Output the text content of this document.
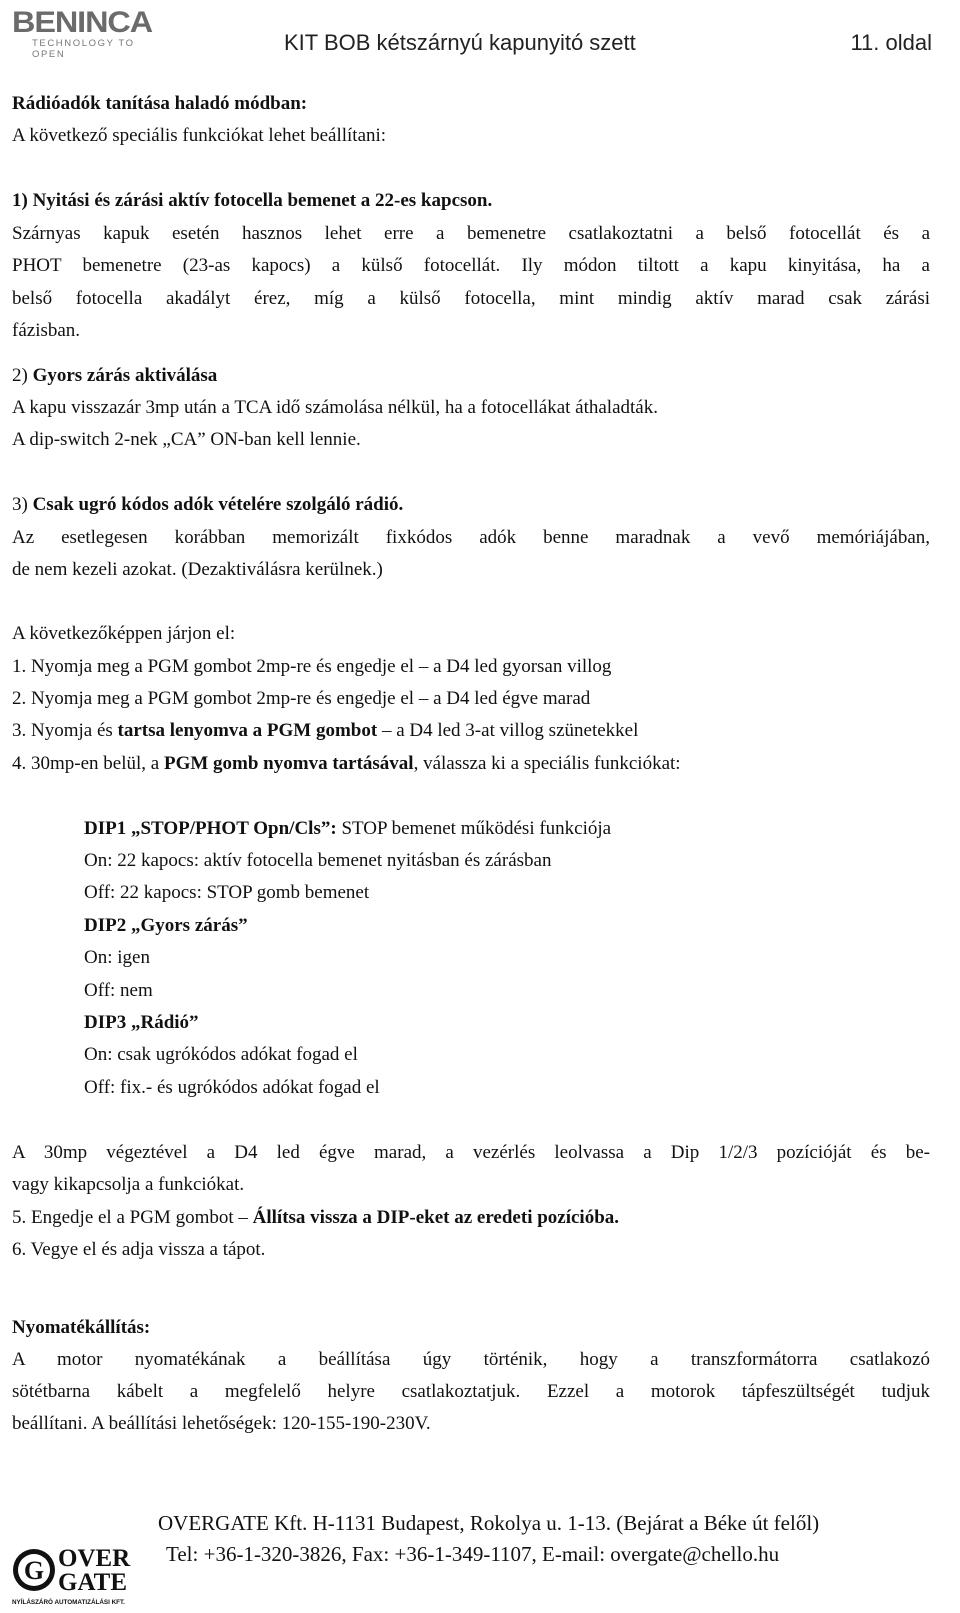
BENINCA
TECHNOLOGY TO OPEN	KIT BOB kétszárnyú kapunyitó szett	11. oldal
Rádióadók tanítása haladó módban:
A következő speciális funkciókat lehet beállítani:
1) Nyitási és zárási aktív fotocella bemenet a 22-es kapcson.
Szárnyas kapuk esetén hasznos lehet erre a bemenetre csatlakoztatni a belső fotocellát és a
PHOT bemenetre (23-as kapocs) a külső fotocellát. Ily módon tiltott a kapu kinyitása, ha a
belső fotocella akadályt érez, míg a külső fotocella, mint mindig aktív marad csak zárási
fázisban.
2) Gyors zárás aktiválása
A kapu visszazár 3mp után a TCA idő számolása nélkül, ha a fotocellákat áthaladták.
A dip-switch 2-nek „CA” ON-ban kell lennie.
3) Csak ugró kódos adók vételére szolgáló rádió.
Az esetlegesen korábban memorizált fixkódos adók benne maradnak a vevő memóriájában,
de nem kezeli azokat. (Dezaktiválásra kerülnek.)
A következőképpen járjon el:
1. Nyomja meg a PGM gombot 2mp-re és engedje el – a D4 led gyorsan villog
2. Nyomja meg a PGM gombot 2mp-re és engedje el – a D4 led égve marad
3. Nyomja és tartsa lenyomva a PGM gombot – a D4 led 3-at villog szünetekkel
4. 30mp-en belül, a PGM gomb nyomva tartásával, válassza ki a speciális funkciókat:
DIP1 „STOP/PHOT Opn/Cls”: STOP bemenet működési funkciója
On: 22 kapocs: aktív fotocella bemenet nyitásban és zárásban
Off: 22 kapocs: STOP gomb bemenet
DIP2 „Gyors zárás”
On: igen
Off: nem
DIP3 „Rádió”
On: csak ugrókódos adókat fogad el
Off: fix.- és ugrókódos adókat fogad el
A 30mp végeztével a D4 led égve marad, a vezérlés leolvassa a Dip 1/2/3 pozícióját és be-
vagy kikapcsolja a funkciókat.
5. Engedje el a PGM gombot – Állítsa vissza a DIP-eket az eredeti pozícióba.
6. Vegye el és adja vissza a tápot.
Nyomatékállítás:
A motor nyomatékának a beállítása úgy történik, hogy a transzformátorra csatlakozó
sötétbarna kábelt a megfelelő helyre csatlakoztatjuk. Ezzel a motorok tápfeszültségét tudjuk
beállítani. A beállítási lehetőségek: 120-155-190-230V.
G OVER
GATE
NYÍLÁSZÁRÓ AUTOMATIZÁLÁSI KFT.
OVERGATE Kft. H-1131 Budapest, Rokolya u. 1-13. (Bejárat a Béke út felől)
Tel: +36-1-320-3826, Fax: +36-1-349-1107, E-mail: overgate@chello.hu
